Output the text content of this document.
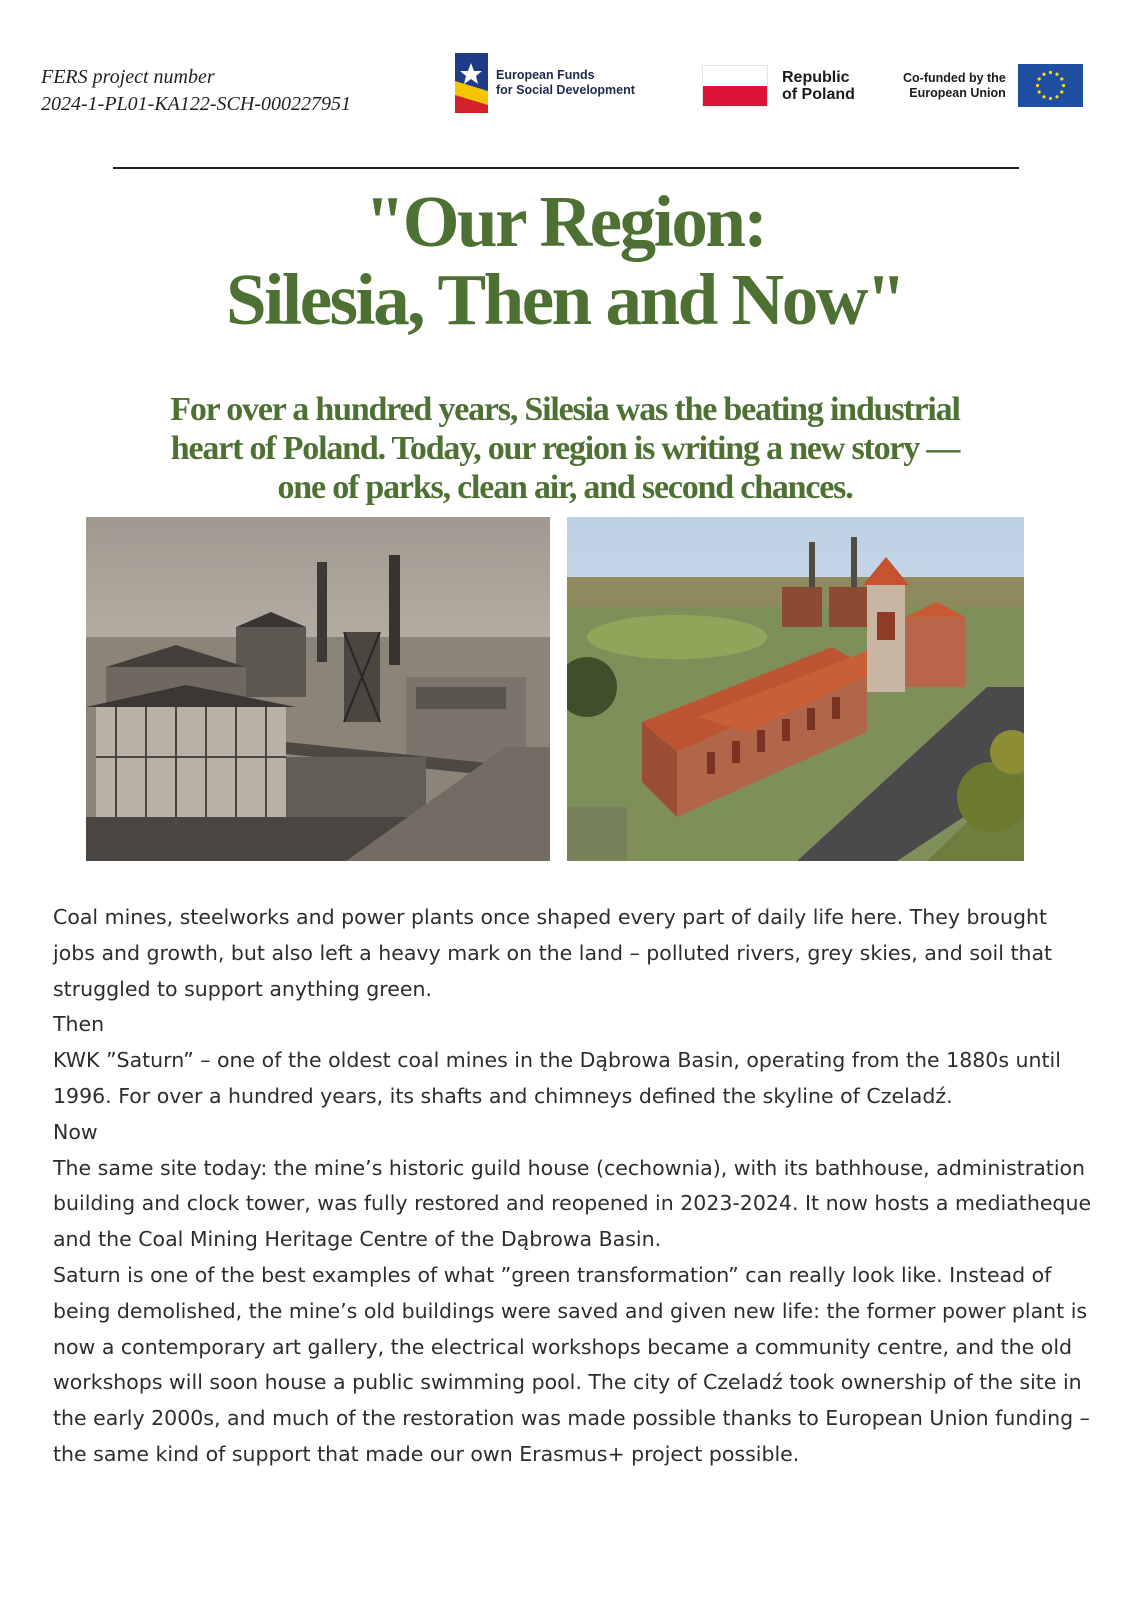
FERS project number
2024-1-PL01-KA122-SCH-000227951
European Funds
for Social Development
Republic
of Poland
Co-funded by the
European Union
"Our Region:
Silesia, Then and Now"
For over a hundred years, Silesia was the beating industrial
heart of Poland. Today, our region is writing a new story —
one of parks, clean air, and second chances.

Coal mines, steelworks and power plants once shaped every part of daily life here. They brought jobs and growth, but also left a heavy mark on the land – polluted rivers, grey skies, and soil that struggled to support anything green.

Then

KWK ”Saturn” – one of the oldest coal mines in the Dąbrowa Basin, operating from the 1880s until 1996. For over a hundred years, its shafts and chimneys defined the skyline of Czeladź.

Now

The same site today: the mine’s historic guild house (cechownia), with its bathhouse, administration building and clock tower, was fully restored and reopened in 2023-2024. It now hosts a mediatheque and the Coal Mining Heritage Centre of the Dąbrowa Basin.

Saturn is one of the best examples of what ”green transformation” can really look like. Instead of being demolished, the mine’s old buildings were saved and given new life: the former power plant is now a contemporary art gallery, the electrical workshops became a community centre, and the old workshops will soon house a public swimming pool. The city of Czeladź took ownership of the site in the early 2000s, and much of the restoration was made possible thanks to European Union funding – the same kind of support that made our own Erasmus+ project possible.
